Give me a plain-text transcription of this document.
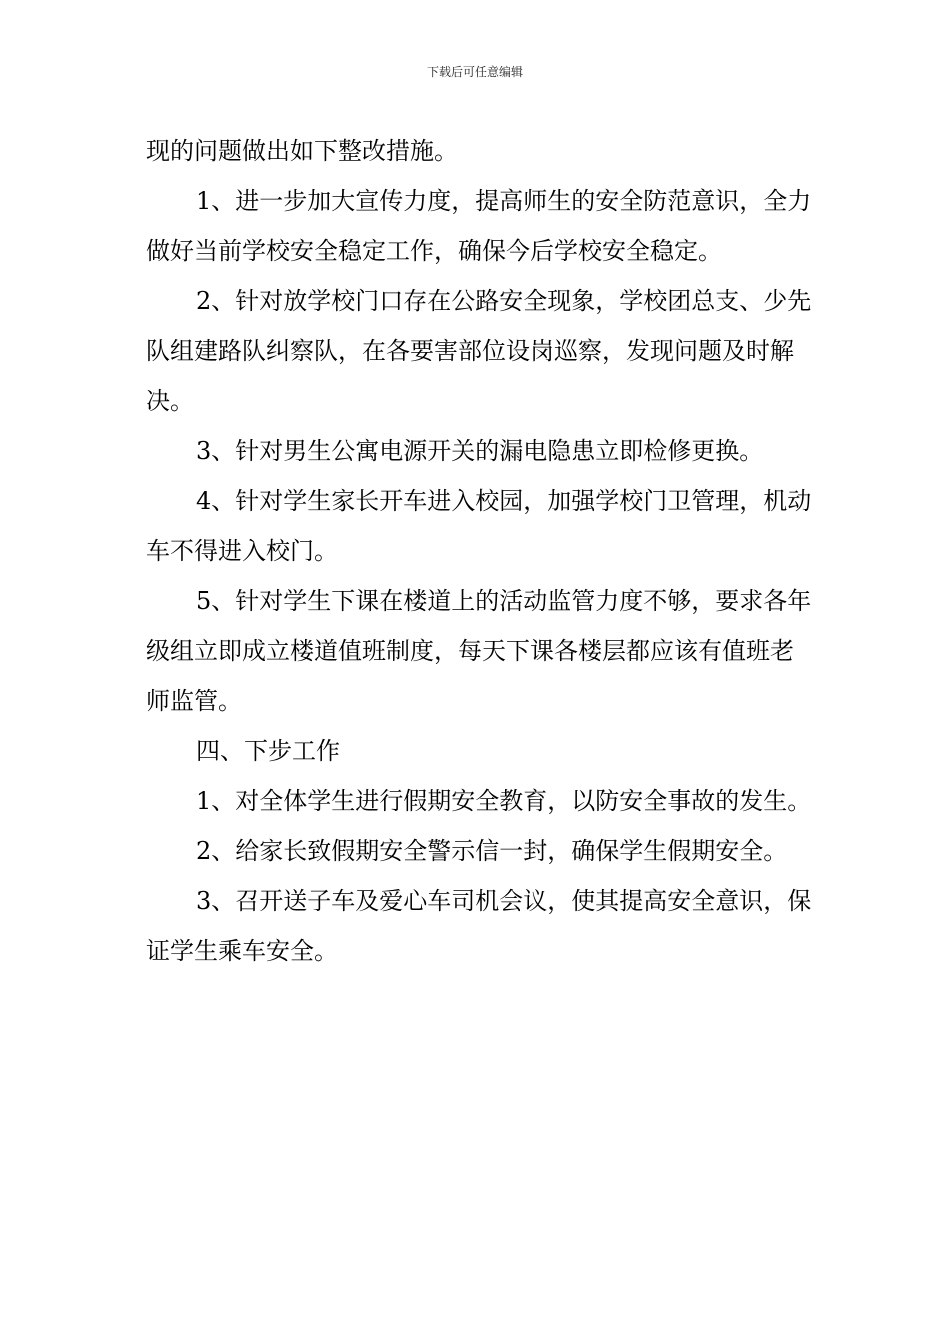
下载后可任意编辑

现的问题做出如下整改措施。

1、进一步加大宣传力度，提高师生的安全防范意识，全力做好当前学校安全稳定工作，确保今后学校安全稳定。

2、针对放学校门口存在公路安全现象，学校团总支、少先队组建路队纠察队，在各要害部位设岗巡察，发现问题及时解决。

3、针对男生公寓电源开关的漏电隐患立即检修更换。

4、针对学生家长开车进入校园，加强学校门卫管理，机动车不得进入校门。

5、针对学生下课在楼道上的活动监管力度不够，要求各年级组立即成立楼道值班制度，每天下课各楼层都应该有值班老师监管。

四、下步工作

1、对全体学生进行假期安全教育，以防安全事故的发生。

2、给家长致假期安全警示信一封，确保学生假期安全。

3、召开送子车及爱心车司机会议，使其提高安全意识，保证学生乘车安全。
